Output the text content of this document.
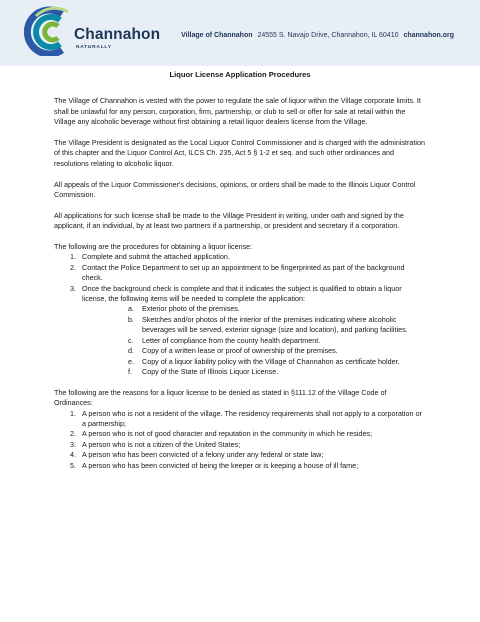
Channahon
NATURALLY
Village of Channahon 24555 S. Navajo Drive, Channahon, IL 60410 channahon.org
Liquor License Application Procedures

The Village of Channahon is vested with the power to regulate the sale of liquor within the Village corporate limits. It shall be unlawful for any person, corporation, firm, partnership, or club to sell or offer for sale at retail within the Village any alcoholic beverage without first obtaining a retail liquor dealers license from the Village.

The Village President is designated as the Local Liquor Control Commissioner and is charged with the administration of this chapter and the Liquor Control Act, ILCS Ch. 235, Act 5 § 1-2 et seq. and such other ordinances and resolutions relating to alcoholic liquor.

All appeals of the Liquor Commissioner's decisions, opinions, or orders shall be made to the Illinois Liquor Control Commission.

All applications for such license shall be made to the Village President in writing, under oath and signed by the applicant, if an individual, by at least two partners if a partnership, or president and secretary if a corporation.

The following are the procedures for obtaining a liquor license:

1. Complete and submit the attached application.
2. Contact the Police Department to set up an appointment to be fingerprinted as part of the background check.
3. Once the background check is complete and that it indicates the subject is qualified to obtain a liquor license, the following items will be needed to complete the application:
a. Exterior photo of the premises.
b. Sketches and/or photos of the interior of the premises indicating where alcoholic beverages will be served, exterior signage (size and location), and parking facilities.
c. Letter of compliance from the county health department.
d. Copy of a written lease or proof of ownership of the premises.
e. Copy of a liquor liability policy with the Village of Channahon as certificate holder.
f. Copy of the State of Illinois Liquor License.

The following are the reasons for a liquor license to be denied as stated in §111.12 of the Village Code of Ordinances:

1. A person who is not a resident of the village. The residency requirements shall not apply to a corporation or a partnership;
2. A person who is not of good character and reputation in the community in which he resides;
3. A person who is not a citizen of the United States;
4. A person who has been convicted of a felony under any federal or state law;
5. A person who has been convicted of being the keeper or is keeping a house of ill fame;
